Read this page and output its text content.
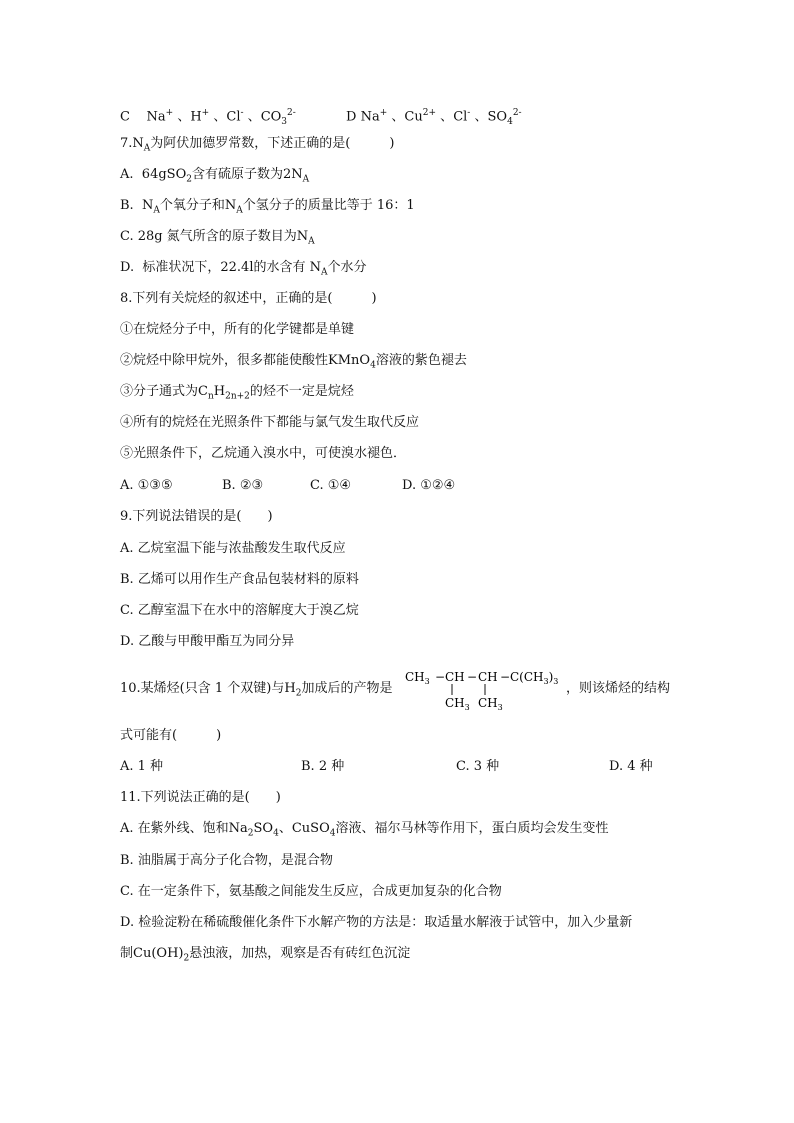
C Na+ 、H+ 、Cl- 、$CO_3^{2-}$	D Na+ 、$Cu^{2+}$ 、Cl- 、$SO_4^{2-}$
$7.N_A$为阿伏加德罗常数，下述正确的是(　　　)
A. 64gSO$_2$含有硫原子数为$2N_A$
B. $N_A$个氧分子和$N_A$个氢分子的质量比等于 16：1
C. 28g 氮气所含的原子数目为$N_A$
D. 标准状况下，22.4l的水含有 $N_A$个水分
8.下列有关烷烃的叙述中，正确的是(　　　)
①在烷烃分子中，所有的化学键都是单键
②烷烃中除甲烷外，很多都能使酸性KMnO$_4$溶液的紫色褪去
③分子通式为$C_nH_{2n+2}$的烃不一定是烷烃
④所有的烷烃在光照条件下都能与氯气发生取代反应
⑤光照条件下，乙烷通入溴水中，可使溴水褪色．
A. ①③⑤	B. ②③	C. ①④	D. ①②④
9.下列说法错误的是(　　)
A. 乙烷室温下能与浓盐酸发生取代反应
B. 乙烯可以用作生产食品包装材料的原料
C. 乙醇室温下在水中的溶解度大于溴乙烷
D. 乙酸与甲酸甲酯互为同分异
10.某烯烃(只含 1 个双键)与$H_2$加成后的产物是
$CH_3$ − CH − CH − $C(CH_3)_3$
$CH_3$ $CH_3$
，则该烯烃的结构
式可能有(　　　)
A. 1 种	B. 2 种	C. 3 种	D. 4 种
11.下列说法正确的是(　　)
A. 在紫外线、饱和$Na_2SO_4$、CuSO$_4$溶液、福尔马林等作用下，蛋白质均会发生变性
B. 油脂属于高分子化合物，是混合物
C. 在一定条件下，氨基酸之间能发生反应，合成更加复杂的化合物
D. 检验淀粉在稀硫酸催化条件下水解产物的方法是：取适量水解液于试管中，加入少量新
制$Cu(OH)_2$悬浊液，加热，观察是否有砖红色沉淀
